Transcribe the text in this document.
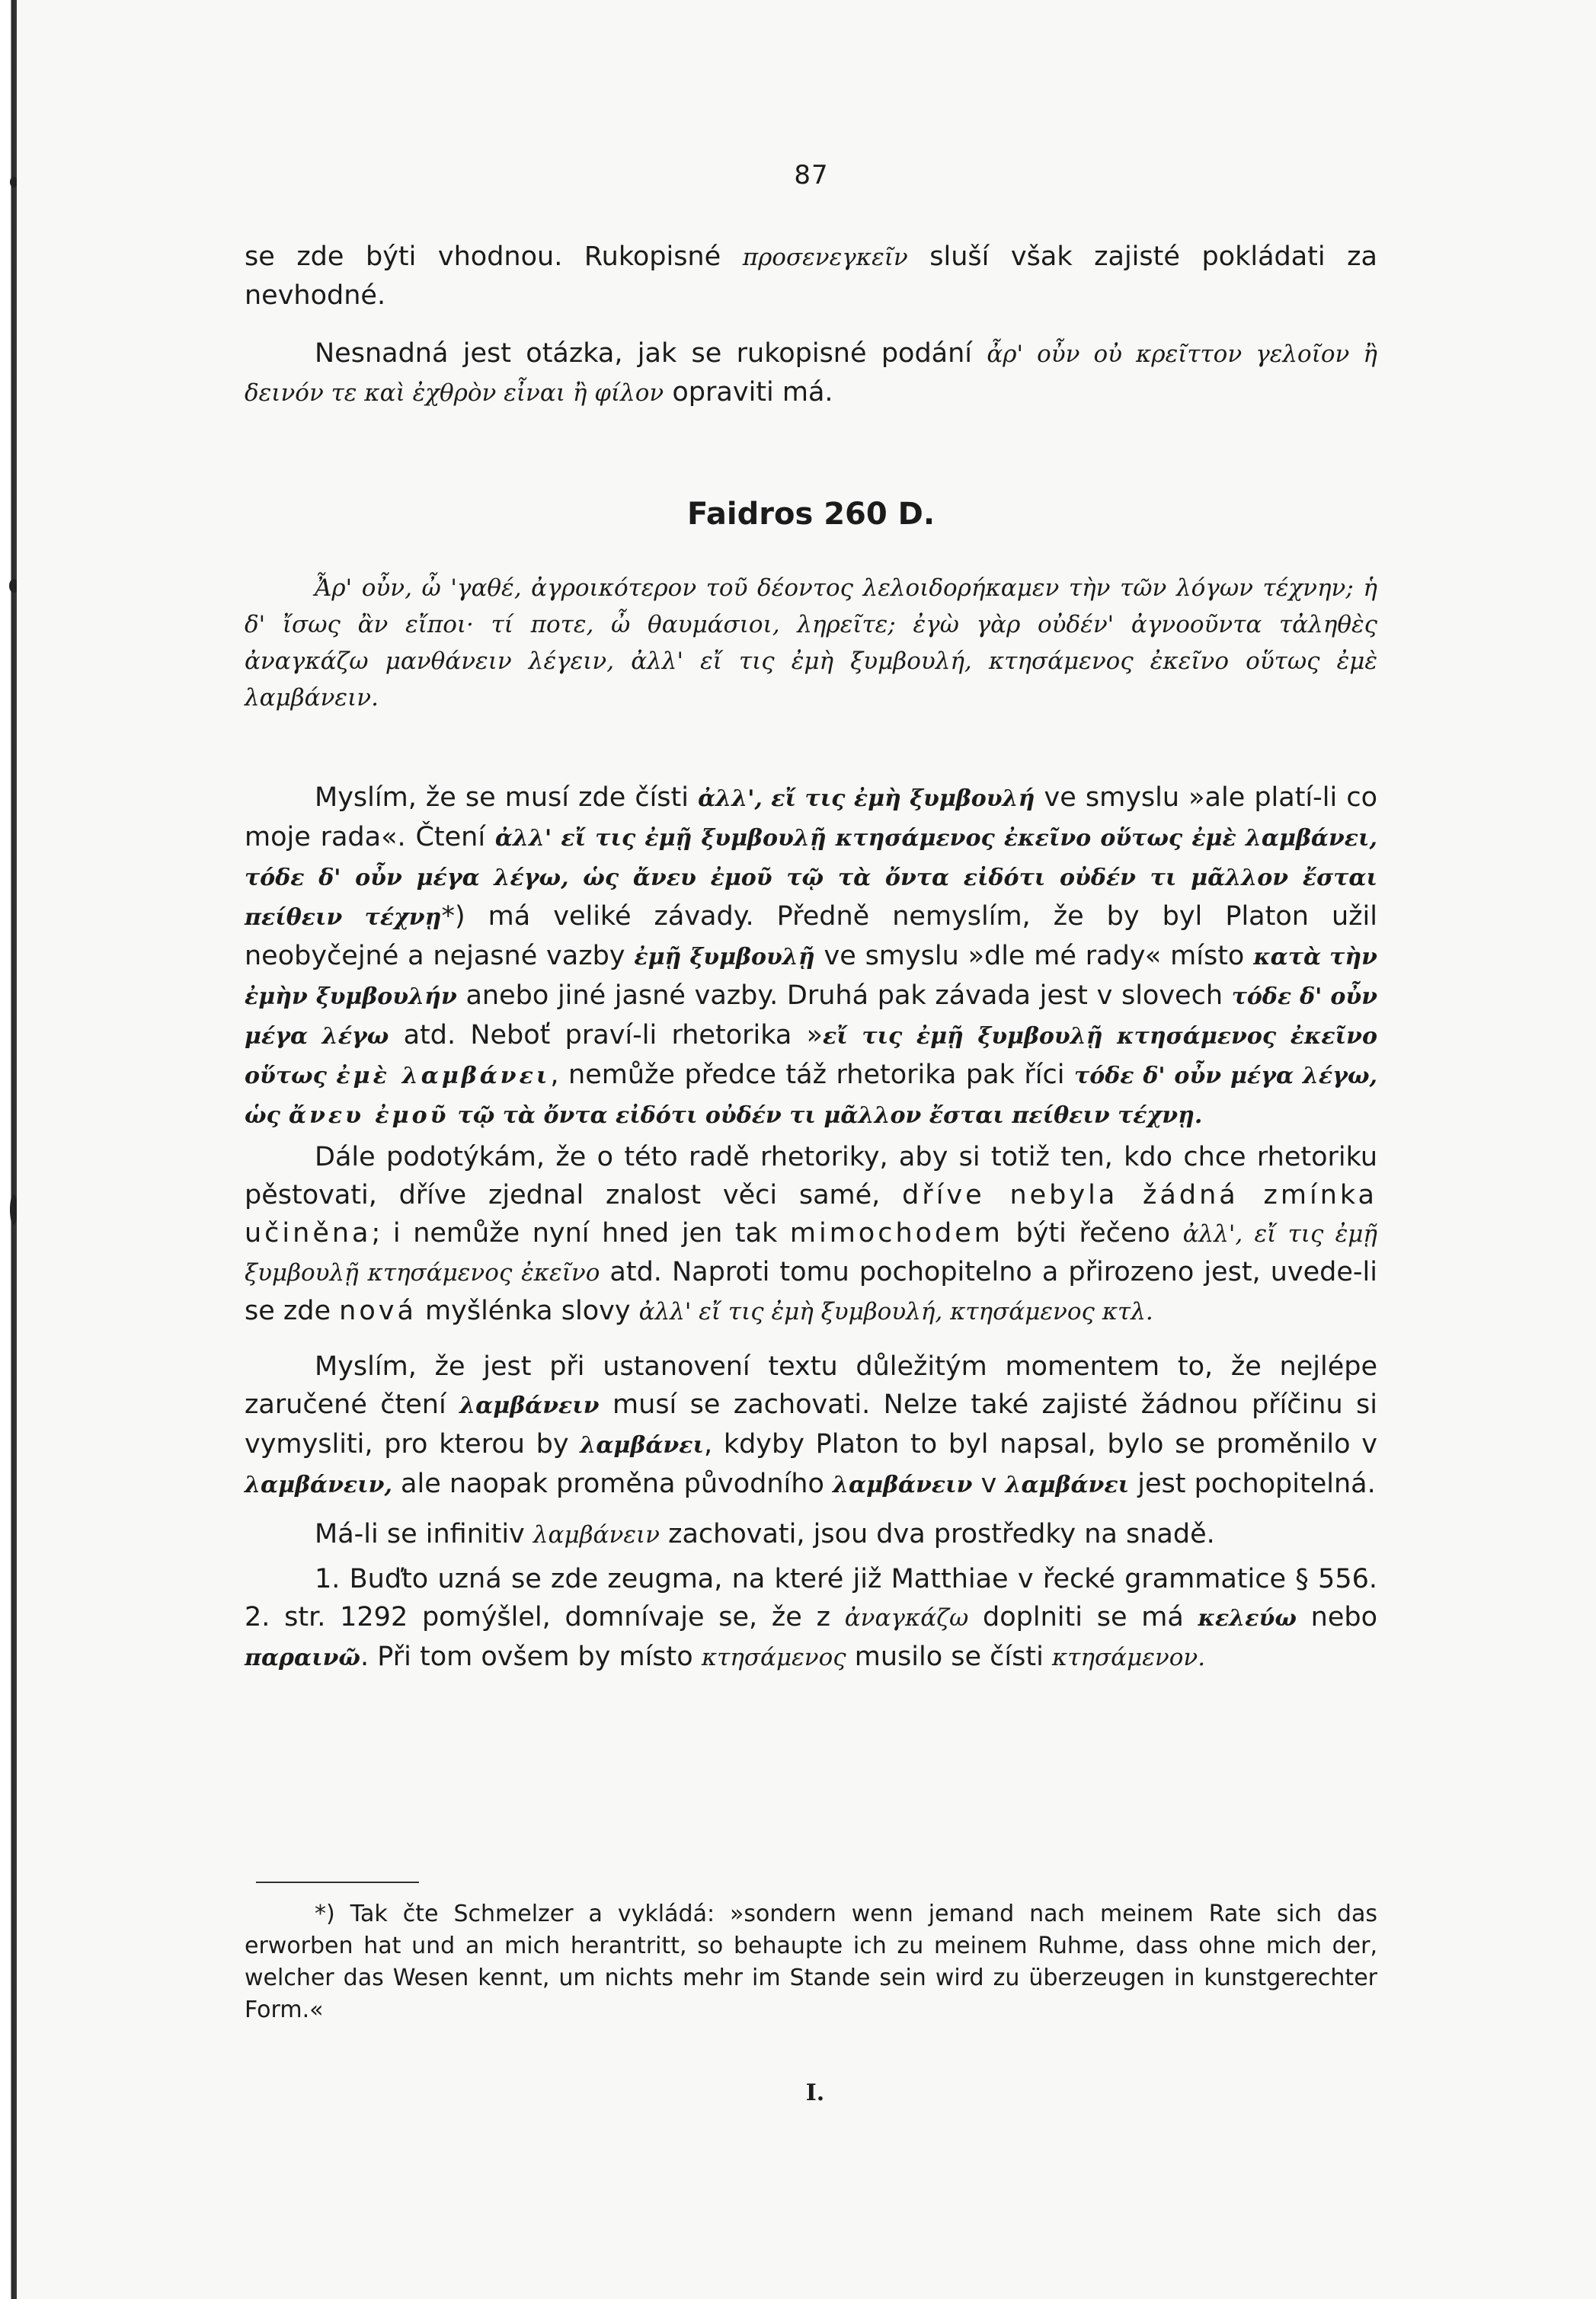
87

se zde býti vhodnou. Rukopisné προσενεγκεῖν sluší však zajisté pokládati za nevhodné.

Nesnadná jest otázka, jak se rukopisné podání ἆρ' οὖν οὐ κρεῖττον γελοῖον ἢ δεινόν τε καὶ ἐχθρὸν εἶναι ἢ φίλον opraviti má.

Faidros 260 D.

Ἆρ' οὖν, ὦ 'γαθέ, ἀγροικότερον τοῦ δέοντος λελοιδορήκαμεν τὴν τῶν λόγων τέχνην; ἡ δ' ἴσως ἂν εἴποι· τί ποτε, ὦ θαυμάσιοι, ληρεῖτε; ἐγὼ γὰρ οὐδέν' ἀγνοοῦντα τἀληθὲς ἀναγκάζω μανθάνειν λέγειν, ἀλλ' εἴ τις ἐμὴ ξυμβουλή, κτησάμενος ἐκεῖνο οὕτως ἐμὲ λαμβάνειν.

Myslím, že se musí zde čísti ἀλλ', εἴ τις ἐμὴ ξυμβουλή ve smyslu »ale platí-li co moje rada«. Čtení ἀλλ' εἴ τις ἐμῇ ξυμβουλῇ κτησάμενος ἐκεῖνο οὕτως ἐμὲ λαμβάνει, τόδε δ' οὖν μέγα λέγω, ὡς ἄνευ ἐμοῦ τῷ τὰ ὄντα εἰδότι οὐδέν τι μᾶλλον ἔσται πείθειν τέχνῃ*) má veliké závady. Předně nemyslím, že by byl Platon užil neobyčejné a nejasné vazby ἐμῇ ξυμβουλῇ ve smyslu »dle mé rady« místo κατὰ τὴν ἐμὴν ξυμβουλήν anebo jiné jasné vazby. Druhá pak závada jest v slovech τόδε δ' οὖν μέγα λέγω atd. Neboť praví-li rhetorika »εἴ τις ἐμῇ ξυμβουλῇ κτησάμενος ἐκεῖνο οὕτως ἐμὲ λαμβάνει, nemůže předce táž rhetorika pak říci τόδε δ' οὖν μέγα λέγω, ὡς ἄνευ ἐμοῦ τῷ τὰ ὄντα εἰδότι οὐδέν τι μᾶλλον ἔσται πείθειν τέχνῃ.

Dále podotýkám, že o této radě rhetoriky, aby si totiž ten, kdo chce rhetoriku pěstovati, dříve zjednal znalost věci samé, dříve nebyla žádná zmínka učiněna; i nemůže nyní hned jen tak mimochodem býti řečeno ἀλλ', εἴ τις ἐμῇ ξυμβουλῇ κτησάμενος ἐκεῖνο atd. Naproti tomu pochopitelno a přirozeno jest, uvede-li se zde nová myšlénka slovy ἀλλ' εἴ τις ἐμὴ ξυμβουλή, κτησάμενος κτλ.

Myslím, že jest při ustanovení textu důležitým momentem to, že nejlépe zaručené čtení λαμβάνειν musí se zachovati. Nelze také zajisté žádnou příčinu si vymysliti, pro kterou by λαμβάνει, kdyby Platon to byl napsal, bylo se proměnilo v λαμβάνειν, ale naopak proměna původního λαμβάνειν v λαμβάνει jest pochopitelná.

Má-li se infinitiv λαμβάνειν zachovati, jsou dva prostředky na snadě.

1. Buďto uzná se zde zeugma, na které již Matthiae v řecké grammatice § 556. 2. str. 1292 pomýšlel, domnívaje se, že z ἀναγκάζω doplniti se má κελεύω nebo παραινῶ. Při tom ovšem by místo κτησάμενος musilo se čísti κτησάμενον.

*) Tak čte Schmelzer a vykládá: »sondern wenn jemand nach meinem Rate sich das erworben hat und an mich herantritt, so behaupte ich zu meinem Ruhme, dass ohne mich der, welcher das Wesen kennt, um nichts mehr im Stande sein wird zu überzeugen in kunstgerechter Form.«

I.
